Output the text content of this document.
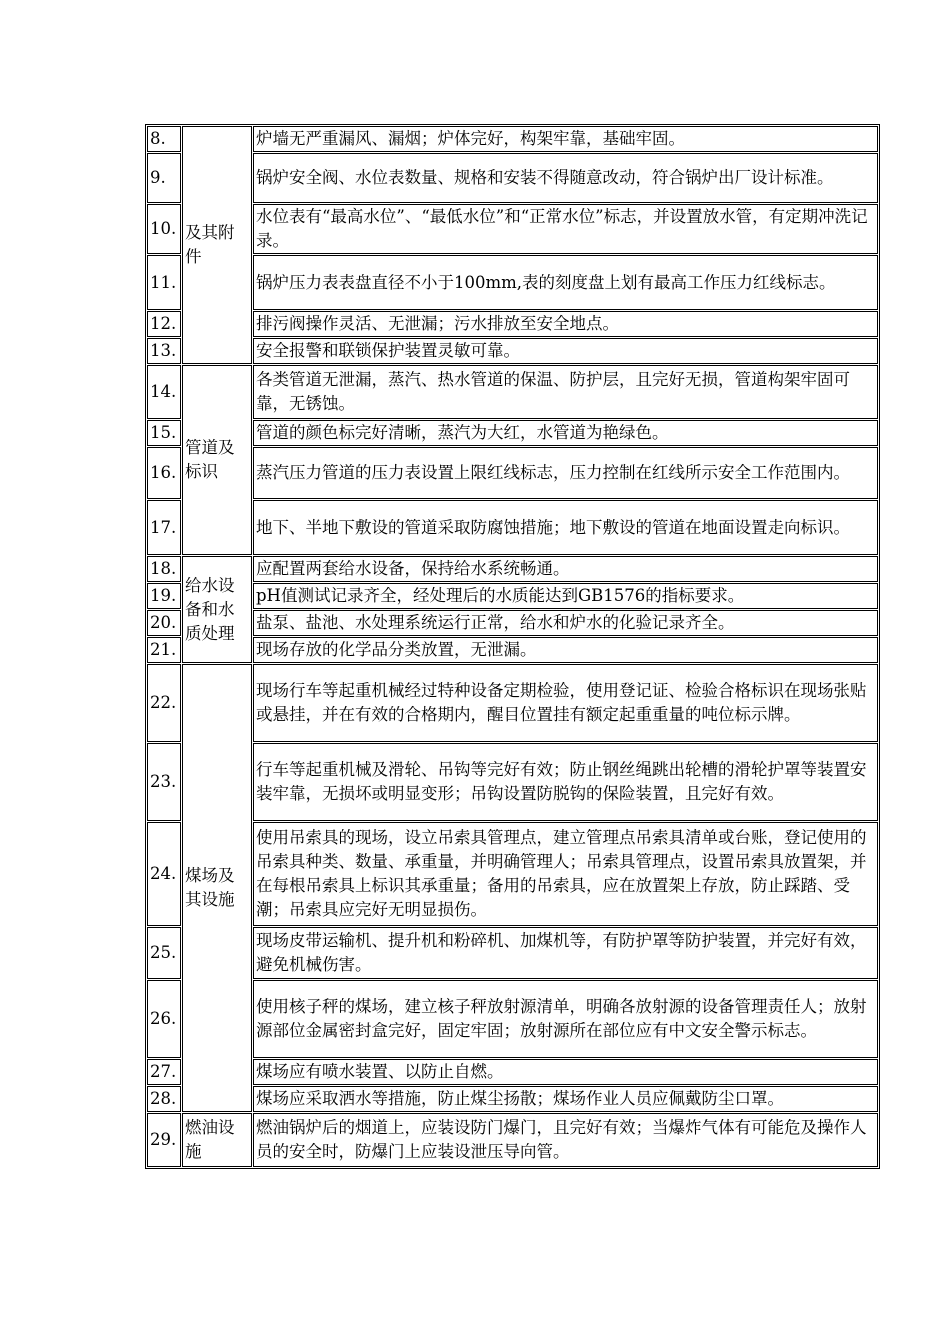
8.	及其附件	炉墙无严重漏风、漏烟；炉体完好，构架牢靠，基础牢固。
9.		锅炉安全阀、水位表数量、规格和安装不得随意改动，符合锅炉出厂设计标准。
10.		水位表有“最高水位”、“最低水位”和“正常水位”标志，并设置放水管，有定期冲洗记录。
11.		锅炉压力表表盘直径不小于100mm,表的刻度盘上划有最高工作压力红线标志。
12.		排污阀操作灵活、无泄漏；污水排放至安全地点。
13.		安全报警和联锁保护装置灵敏可靠。
14.	管道及标识	各类管道无泄漏，蒸汽、热水管道的保温、防护层，且完好无损，管道构架牢固可靠，无锈蚀。
15.		管道的颜色标完好清晰，蒸汽为大红，水管道为艳绿色。
16.		蒸汽压力管道的压力表设置上限红线标志，压力控制在红线所示安全工作范围内。
17.		地下、半地下敷设的管道采取防腐蚀措施；地下敷设的管道在地面设置走向标识。
18.	给水设备和水质处理	应配置两套给水设备，保持给水系统畅通。
19.		pH值测试记录齐全，经处理后的水质能达到GB1576的指标要求。
20.		盐泵、盐池、水处理系统运行正常，给水和炉水的化验记录齐全。
21.		现场存放的化学品分类放置，无泄漏。
22.	煤场及其设施	现场行车等起重机械经过特种设备定期检验，使用登记证、检验合格标识在现场张贴或悬挂，并在有效的合格期内，醒目位置挂有额定起重重量的吨位标示牌。
23.		行车等起重机械及滑轮、吊钩等完好有效；防止钢丝绳跳出轮槽的滑轮护罩等装置安装牢靠，无损坏或明显变形；吊钩设置防脱钩的保险装置，且完好有效。
24.		使用吊索具的现场，设立吊索具管理点，建立管理点吊索具清单或台账，登记使用的吊索具种类、数量、承重量，并明确管理人；吊索具管理点，设置吊索具放置架，并在每根吊索具上标识其承重量；备用的吊索具，应在放置架上存放，防止踩踏、受潮；吊索具应完好无明显损伤。
25.		现场皮带运输机、提升机和粉碎机、加煤机等，有防护罩等防护装置，并完好有效，避免机械伤害。
26.		使用核子秤的煤场，建立核子秤放射源清单，明确各放射源的设备管理责任人；放射源部位金属密封盒完好，固定牢固；放射源所在部位应有中文安全警示标志。
27.		煤场应有喷水装置、以防止自燃。
28.		煤场应采取洒水等措施，防止煤尘扬散；煤场作业人员应佩戴防尘口罩。
29.	燃油设施	燃油锅炉后的烟道上，应装设防门爆门，且完好有效；当爆炸气体有可能危及操作人员的安全时，防爆门上应装设泄压导向管。
